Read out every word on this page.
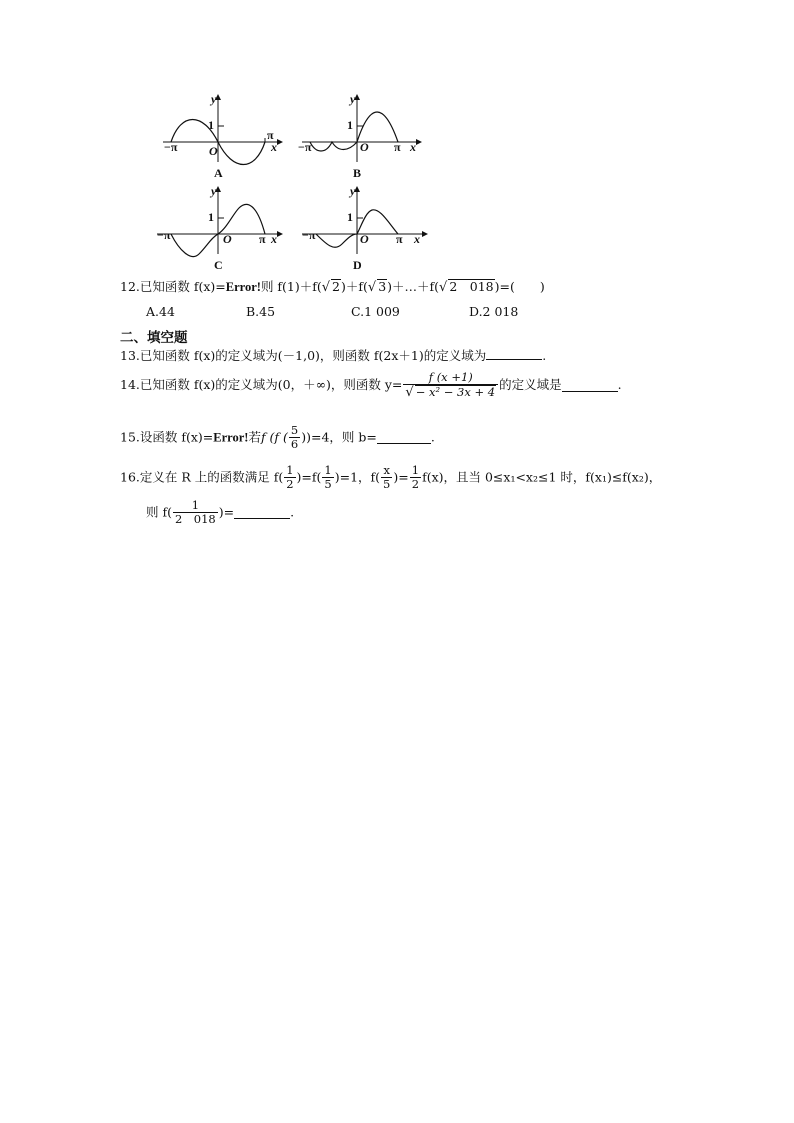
y
1
O	x
−π
π
A
y
1
O	x
−π	π
B
y
1
O	x
−π	π
C
y
1
O	x
−π	π
D
12.已知函数 f(x)=Error!则 f(1)＋f(√ 2)＋f(√ 3)＋…＋f(√ 2　018)=(　　)
A.44	B.45	C.1 009	D.2 018
二、填空题
13.已知函数 f(x)的定义域为(－1,0)，则函数 f(2x＋1)的定义域为	.
14.已知函数 f(x)的定义域为(0，＋∞)，则函数 $y= \frac{f (x +1)}{\text{√ − x² − 3x + 4}}$ 的定义域是	.
15.设函数 f(x)=Error!若f (f ( $\frac{5}{6} ))=4$，则 b=	.
16.定义在 R 上的函数满足 $f( \frac{1}{2} )=f( \frac{1}{5} )=1$，$f( \frac{x}{5}$ )= $\frac{1}{2} f(x)$，且当 0≤x₁<x₂≤1 时，f(x₁)≤f(x₂)，
则 $f( \frac{1}{2 018}$ )=	.
